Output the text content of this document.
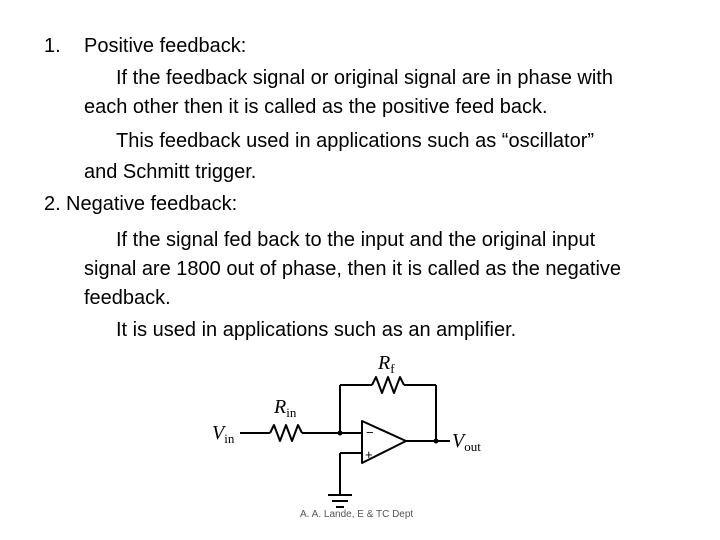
1. Positive feedback:
If the feedback signal or original signal are in phase with
each other then it is called as the positive feed back.
This feedback used in applications such as “oscillator”
and Schmitt trigger.
2. Negative feedback:
If the signal fed back to the input and the original input
signal are 1800 out of phase, then it is called as the negative
feedback.
It is used in applications such as an amplifier.
−
+
$R_f$
$R_{in}$
$V_{in}$	$V_{out}$
A. A. Lande, E & TC Dept
